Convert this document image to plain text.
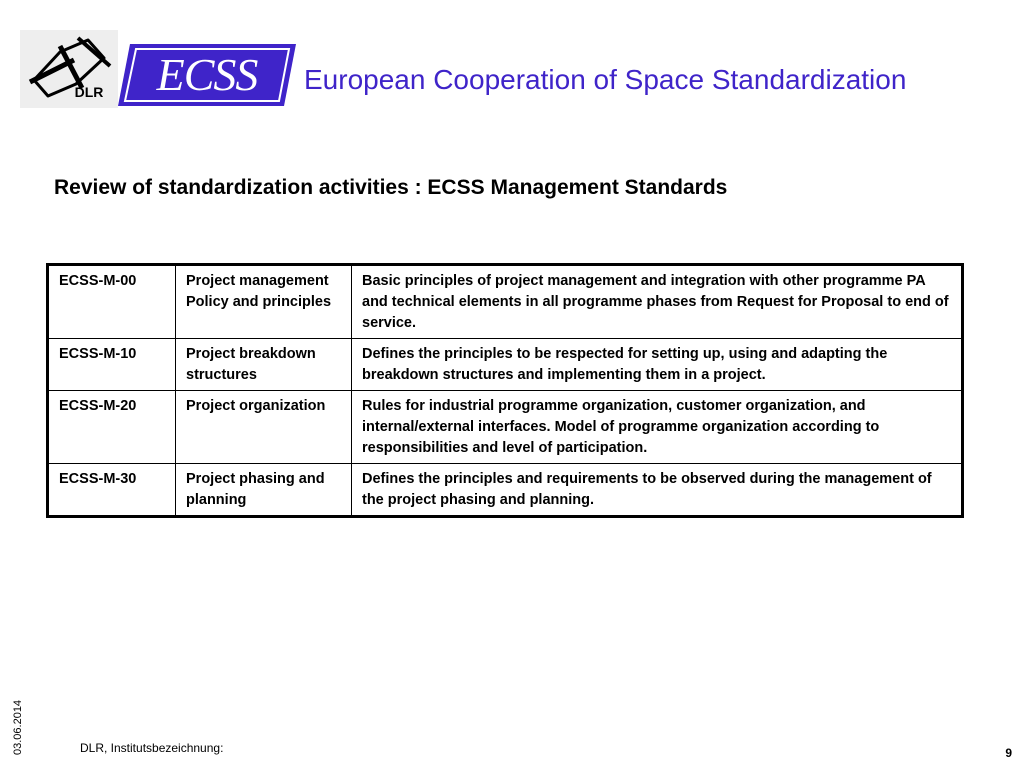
DLR	ECSS	European Cooperation of Space Standardization
Review of standardization activities : ECSS Management Standards
ECSS-M-00	Project management Policy and principles	Basic principles of project management and integration with other programme PA and technical elements in all programme phases from Request for Proposal to end of service.
ECSS-M-10	Project breakdown structures	Defines the principles to be respected for setting up, using and adapting the breakdown structures and implementing them in a project.
ECSS-M-20	Project organization	Rules for industrial programme organization, customer organization, and internal/external interfaces. Model of programme organization according to responsibilities and level of participation.
ECSS-M-30	Project phasing and planning	Defines the principles and requirements to be observed during the management of the project phasing and planning.
03.06.2014	DLR, Institutsbezeichnung:	9
